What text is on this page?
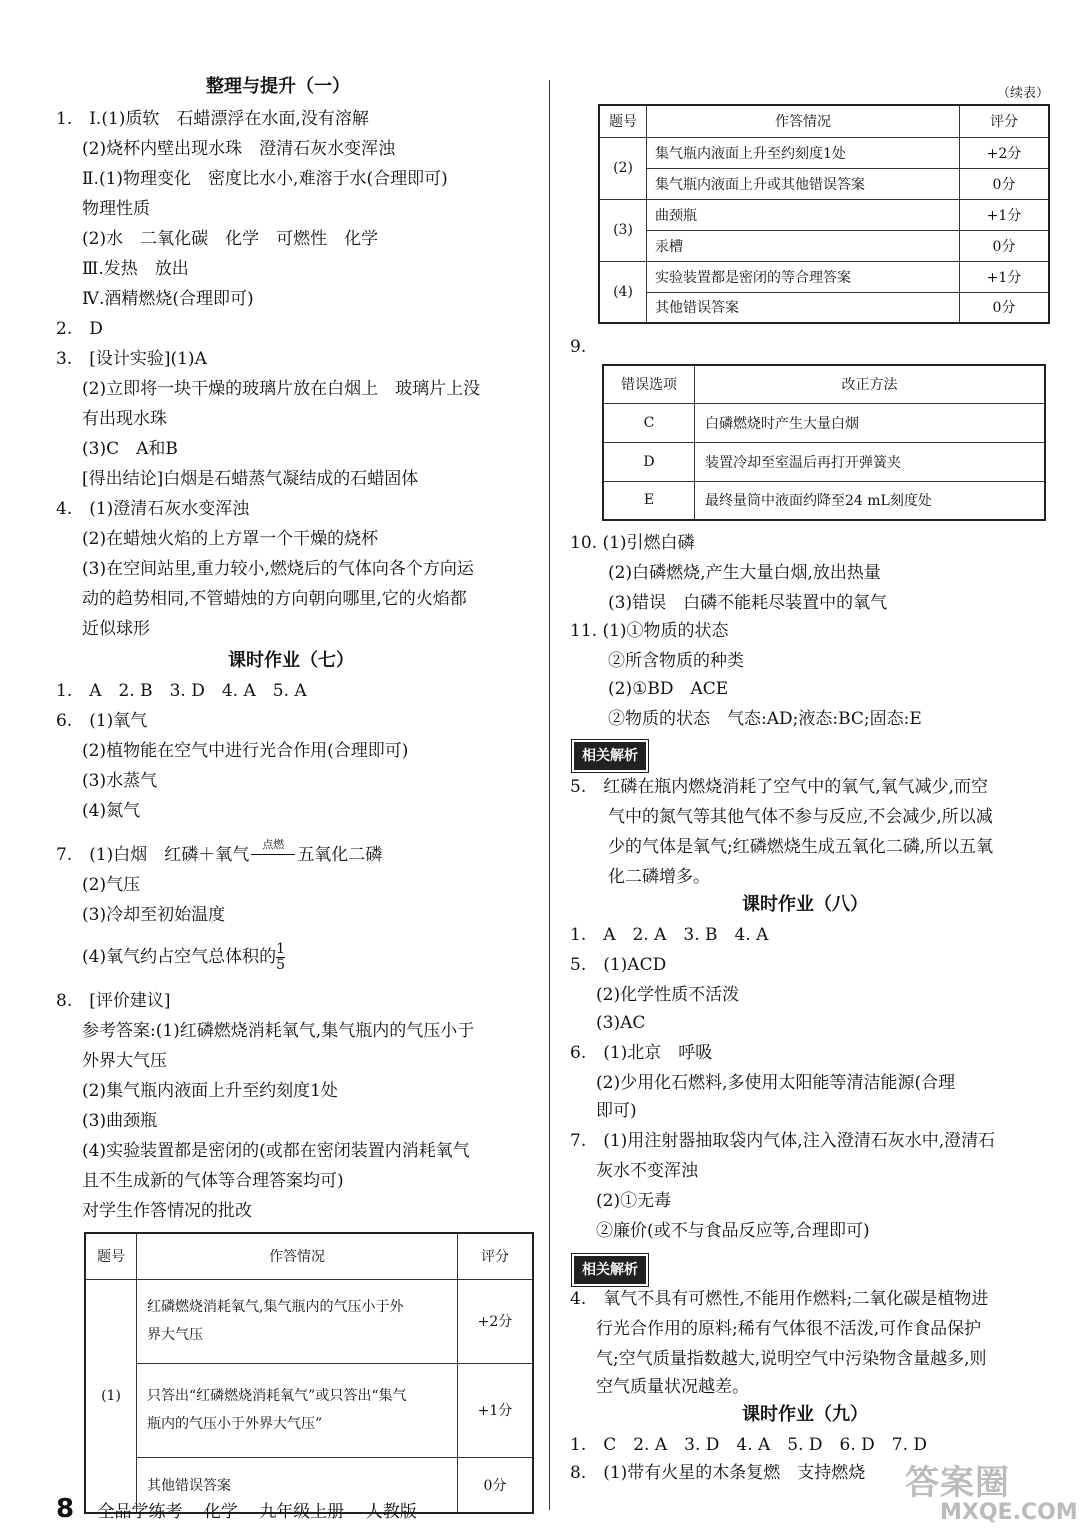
整理与提升（一）
1.　Ⅰ.(1)质软　石蜡漂浮在水面,没有溶解
(2)烧杯内壁出现水珠　澄清石灰水变浑浊
Ⅱ.(1)物理变化　密度比水小,难溶于水(合理即可)
物理性质
(2)水　二氧化碳　化学　可燃性　化学
Ⅲ.发热　放出
Ⅳ.酒精燃烧(合理即可)
2.　D
3.　[设计实验](1)A
(2)立即将一块干燥的玻璃片放在白烟上　玻璃片上没
有出现水珠
(3)C　A和B
[得出结论]白烟是石蜡蒸气凝结成的石蜡固体
4.　(1)澄清石灰水变浑浊
(2)在蜡烛火焰的上方罩一个干燥的烧杯
(3)在空间站里,重力较小,燃烧后的气体向各个方向运
动的趋势相同,不管蜡烛的方向朝向哪里,它的火焰都
近似球形
课时作业（七）
1.　A　2. B　3. D　4. A　5. A
6.　(1)氧气
(2)植物能在空气中进行光合作用(合理即可)
(3)水蒸气
(4)氮气
7.　(1)白烟　红磷＋氧气
点燃
五氧化二磷
(2)气压
(3)冷却至初始温度
(4)氧气约占空气总体积的 $\frac{1}{5}$
8.　[评价建议]
参考答案:(1)红磷燃烧消耗氧气,集气瓶内的气压小于
外界大气压
(2)集气瓶内液面上升至约刻度1处
(3)曲颈瓶
(4)实验装置都是密闭的(或都在密闭装置内消耗氧气
且不生成新的气体等合理答案均可)
对学生作答情况的批改
题号	作答情况	评分
(1)	红磷燃烧消耗氧气,集气瓶内的气压小于外
界大气压	+2分

	只答出“红磷燃烧消耗氧气”或只答出“集气
瓶内的气压小于外界大气压”	+1分
	其他错误答案	0分
（续表）
题号	作答情况	评分
(2)	集气瓶内液面上升至约刻度1处	+2分
	集气瓶内液面上升或其他错误答案	0分
(3)	曲颈瓶	+1分
	汞槽	0分
(4)	实验装置都是密闭的等合理答案	+1分
	其他错误答案	0分
9.
错误选项	改正方法
C	白磷燃烧时产生大量白烟
D	装置冷却至室温后再打开弹簧夹
E	最终量筒中液面约降至24 mL刻度处
10. (1)引燃白磷
(2)白磷燃烧,产生大量白烟,放出热量
(3)错误　白磷不能耗尽装置中的氧气
11. (1)①物质的状态
②所含物质的种类
(2)①BD　ACE
②物质的状态　气态:AD;液态:BC;固态:E
相关解析
5.　红磷在瓶内燃烧消耗了空气中的氧气,氧气减少,而空
气中的氮气等其他气体不参与反应,不会减少,所以减
少的气体是氧气;红磷燃烧生成五氧化二磷,所以五氧
化二磷增多。
课时作业（八）
1.　A　2. A　3. B　4. A
5.　(1)ACD
(2)化学性质不活泼
(3)AC
6.　(1)北京　呼吸
(2)少用化石燃料,多使用太阳能等清洁能源(合理
即可)
7.　(1)用注射器抽取袋内气体,注入澄清石灰水中,澄清石
灰水不变浑浊
(2)①无毒
②廉价(或不与食品反应等,合理即可)
相关解析
4.　氧气不具有可燃性,不能用作燃料;二氧化碳是植物进
行光合作用的原料;稀有气体很不活泼,可作食品保护
气;空气质量指数越大,说明空气中污染物含量越多,则
空气质量状况越差。
课时作业（九）
1.　C　2. A　3. D　4. A　5. D　6. D　7. D
8.　(1)带有火星的木条复燃　支持燃烧 答案圈
MXQE.COM
8 全品学练考 化学 九年级上册 人教版
